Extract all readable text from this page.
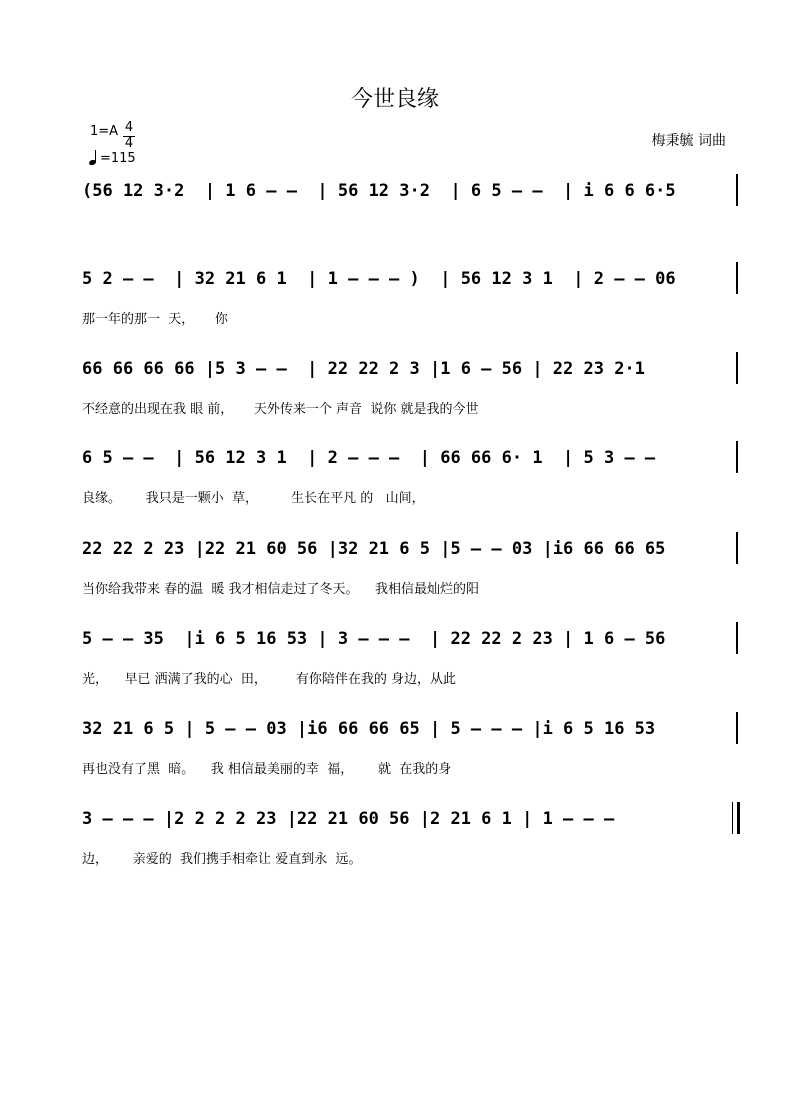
今世良缘
1=A 4
4
=115
梅秉毓 词曲
(56 12 3·2  | 1 6 — —  | 56 12 3·2  | 6 5 — —  | i 6 6 6·5
5 2 — —  | 32 21 6 1  | 1 — — — )  | 56 12 3 1  | 2 — — 06
那一年的那一  天，     你
66 66 66 66 |5 3 — —  | 22 22 2 3 |1 6 — 56 | 22 23 2·1
不经意的出现在我 眼 前，     天外传来一个 声音  说你 就是我的今世
6 5 — —  | 56 12 3 1  | 2 — — —  | 66 66 6· 1  | 5 3 — —
良缘。      我只是一颗小  草，        生长在平凡 的   山间，
22 22 2 23 |22 21 60 56 |32 21 6 5 |5 — — 03 |i6 66 66 65
当你给我带来 春的温  暖 我才相信走过了冬天。    我相信最灿烂的阳
5 — — 35  |i 6 5 16 53 | 3 — — —  | 22 22 2 23 | 1 6 — 56
光，    早已 洒满了我的心  田，       有你陪伴在我的 身边，从此
32 21 6 5 | 5 — — 03 |i6 66 66 65 | 5 — — — |i 6 5 16 53
再也没有了黑  暗。    我 相信最美丽的幸  福，      就  在我的身
3 — — — |2 2 2 2 23 |22 21 60 56 |2 21 6 1 | 1 — — —
边，      亲爱的  我们携手相牵让 爱直到永  远。
